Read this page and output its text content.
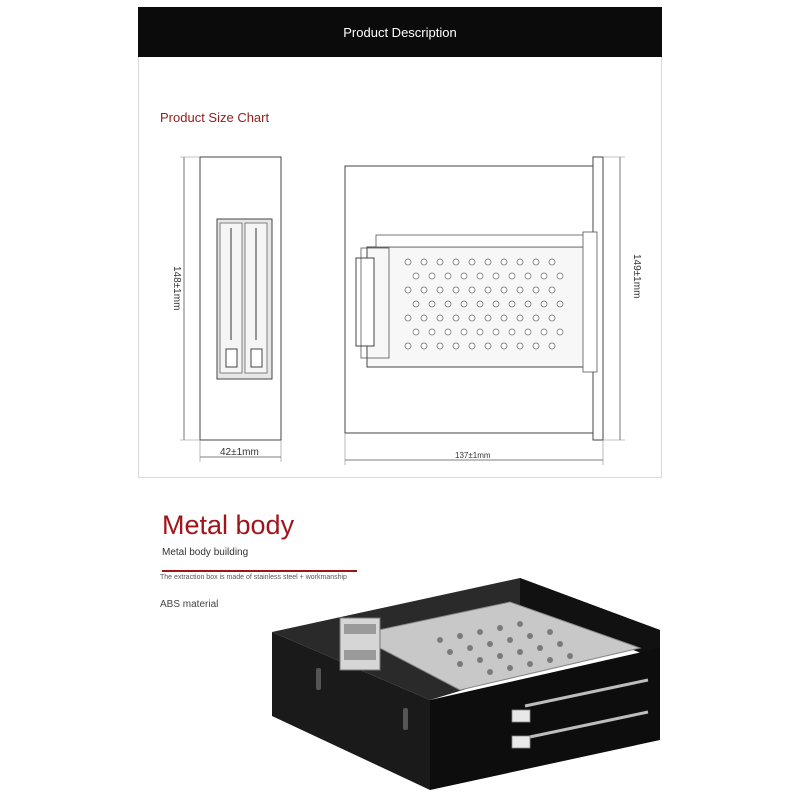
Product Description
Product Size Chart
148±1mm
42±1mm
149±1mm
137±1mm
Metal body
Metal body building
The extraction box is made of stainless steel + workmanship
ABS material
